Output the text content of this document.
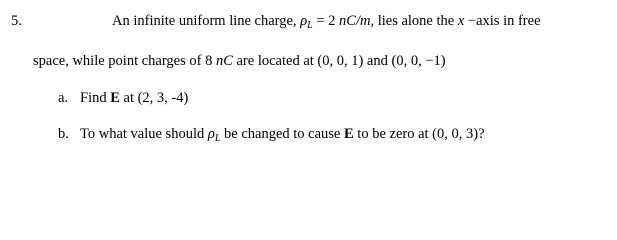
5.	An infinite uniform line charge, $\rho_L = 2$ nC/m, lies alone the x −axis in free
space, while point charges of 8 nC are located at (0, 0, 1) and (0, 0, −1)
a. Find E at (2, 3, -4)
b. To what value should $\rho_L$ be changed to cause E to be zero at (0, 0, 3)?
